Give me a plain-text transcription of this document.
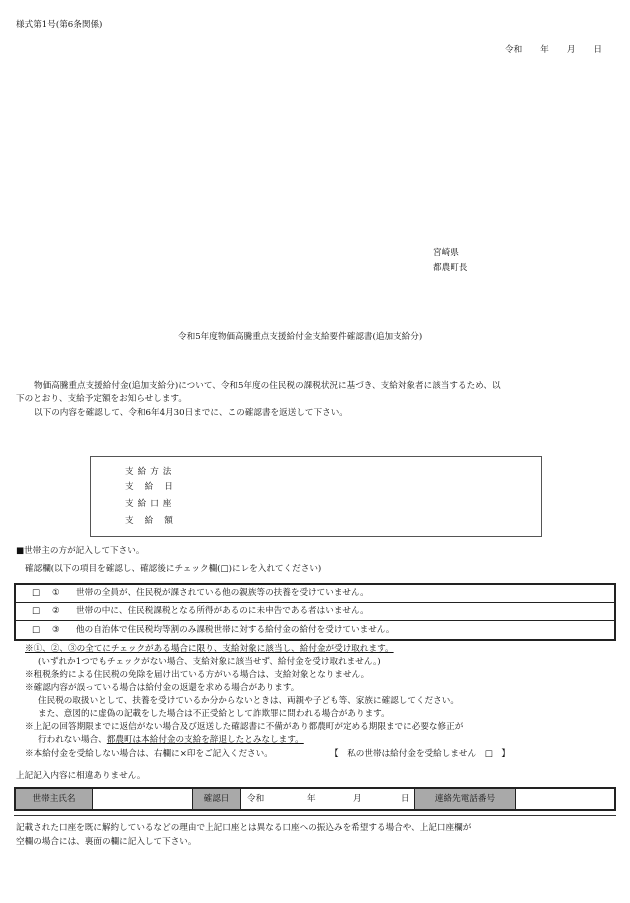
様式第1号(第6条関係)
令和 年 月 日
宮崎県
都農町長
令和5年度物価高騰重点支援給付金支給要件確認書(追加支給分)
物価高騰重点支援給付金(追加支給分)について、令和5年度の住民税の課税状況に基づき、支給対象者に該当するため、以
下のとおり、支給予定額をお知らせします。
以下の内容を確認して、令和6年4月30日までに、この確認書を返送して下さい。
支給方法
支給日
支給口座
支給額
■世帯主の方が記入して下さい。
確認欄(以下の項目を確認し、確認後にチェック欄(□)にレを入れてください)
□	①	世帯の全員が、住民税が課されている他の親族等の扶養を受けていません。
□	②	世帯の中に、住民税課税となる所得があるのに未申告である者はいません。
□	③	他の自治体で住民税均等割のみ課税世帯に対する給付金の給付を受けていません。
※①、②、③の全てにチェックがある場合に限り、支給対象に該当し、給付金が受け取れます。
(いずれか1つでもチェックがない場合、支給対象に該当せず、給付金を受け取れません。)
※租税条約による住民税の免除を届け出ている方がいる場合は、支給対象となりません。
※確認内容が誤っている場合は給付金の返還を求める場合があります。
住民税の取扱いとして、扶養を受けているか分からないときは、両親や子ども等、家族に確認してください。
また、意図的に虚偽の記載をした場合は不正受給として詐欺罪に問われる場合があります。
※上記の回答期限までに返信がない場合及び返送した確認書に不備があり都農町が定める期限までに必要な修正が
行われない場合、都農町は本給付金の支給を辞退したとみなします。
※本給付金を受給しない場合は、右欄に×印をご記入ください。	【　私の世帯は給付金を受給しません　□　】
上記記入内容に相違ありません。
世帯主氏名	確認日	令和	年	月	日	連絡先電話番号
記載された口座を既に解約しているなどの理由で上記口座とは異なる口座への振込みを希望する場合や、上記口座欄が
空欄の場合には、裏面の欄に記入して下さい。
